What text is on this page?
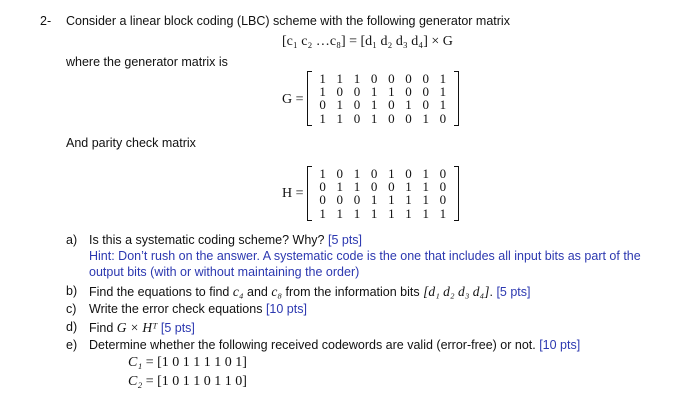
2- Consider a linear block coding (LBC) scheme with the following generator matrix
[c₁ c₂ …c₈] = [d₁ d₂ d₃ d₄] × G
where the generator matrix is
G =
1 1 1 0 0 0 0 1
1 0 0 1 1 0 0 1
0 1 0 1 0 1 0 1
1 1 0 1 0 0 1 0
And parity check matrix
H =
1 0 1 0 1 0 1 0
0 1 1 0 0 1 1 0
0 0 0 1 1 1 1 0
1 1 1 1 1 1 1 1
a) Is this a systematic coding scheme? Why? [5 pts]
Hint: Don’t rush on the answer. A systematic code is the one that includes all input bits as part of the
output bits (with or without maintaining the order)
b) Find the equations to find c₄ and c₈ from the information bits [d₁ d₂ d₃ d₄]. [5 pts]
c) Write the error check equations [10 pts]
d) Find G × Hᵀ [5 pts]
e) Determine whether the following received codewords are valid (error-free) or not. [10 pts]
C₁ = [1 0 1 1 1 1 0 1]
C₂ = [1 0 1 1 0 1 1 0]
